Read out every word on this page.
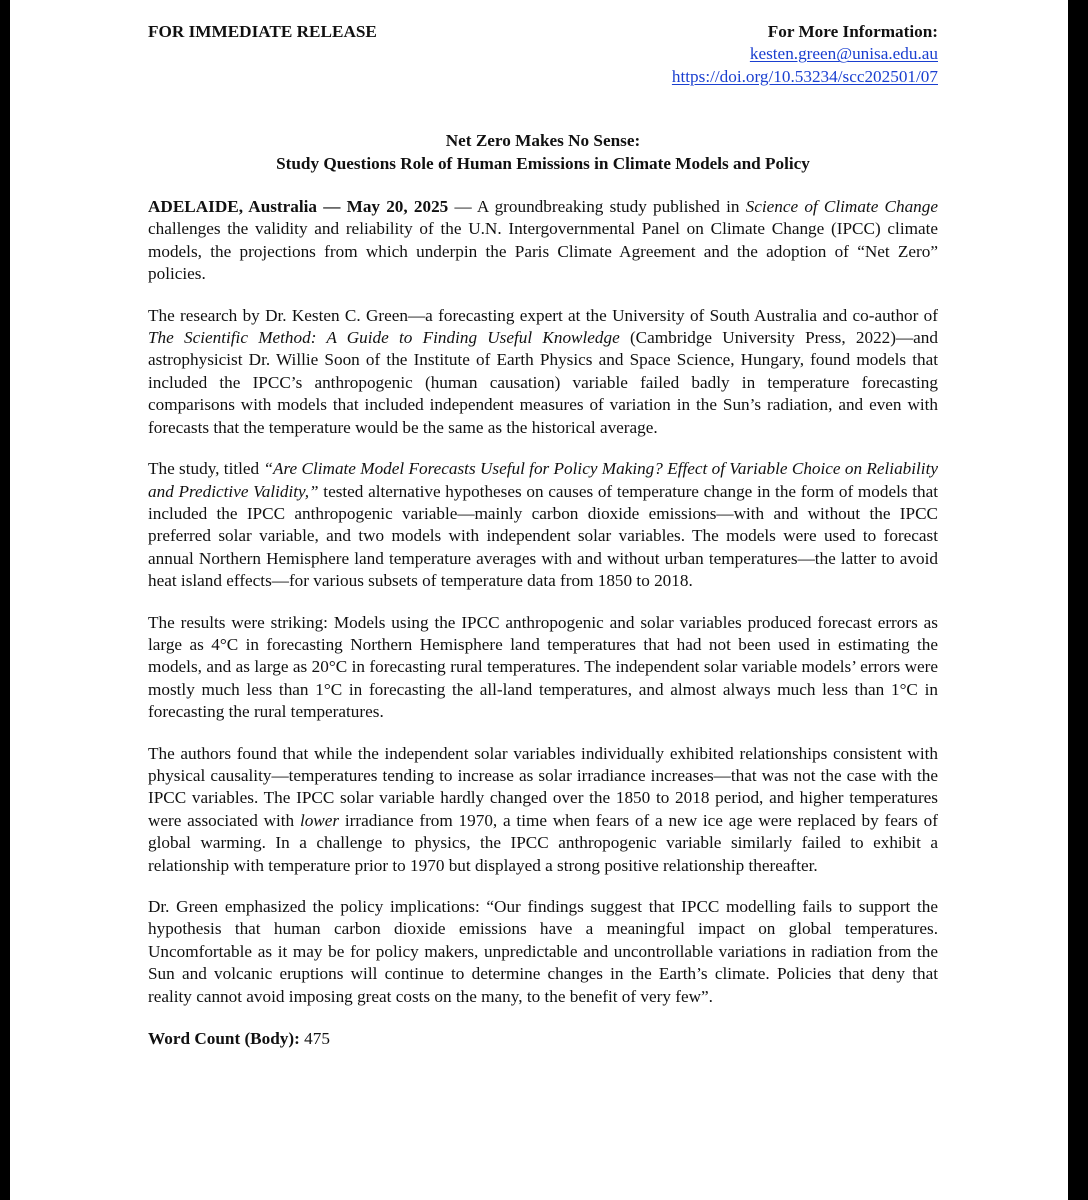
FOR IMMEDIATE RELEASE	For More Information:
kesten.green@unisa.edu.au
https://doi.org/10.53234/scc202501/07
Net Zero Makes No Sense:
Study Questions Role of Human Emissions in Climate Models and Policy

ADELAIDE, Australia — May 20, 2025 — A groundbreaking study published in Science of Climate Change challenges the validity and reliability of the U.N. Intergovernmental Panel on Climate Change (IPCC) climate models, the projections from which underpin the Paris Climate Agreement and the adoption of “Net Zero” policies.

The research by Dr. Kesten C. Green—a forecasting expert at the University of South Australia and co-author of The Scientific Method: A Guide to Finding Useful Knowledge (Cambridge University Press, 2022)—and astrophysicist Dr. Willie Soon of the Institute of Earth Physics and Space Science, Hungary, found models that included the IPCC’s anthropogenic (human causation) variable failed badly in temperature forecasting comparisons with models that included independent measures of variation in the Sun’s radiation, and even with forecasts that the temperature would be the same as the historical average.

The study, titled “Are Climate Model Forecasts Useful for Policy Making? Effect of Variable Choice on Reliability and Predictive Validity,” tested alternative hypotheses on causes of temperature change in the form of models that included the IPCC anthropogenic variable—mainly carbon dioxide emissions—with and without the IPCC preferred solar variable, and two models with independent solar variables. The models were used to forecast annual Northern Hemisphere land temperature averages with and without urban temperatures—the latter to avoid heat island effects—for various subsets of temperature data from 1850 to 2018.

The results were striking: Models using the IPCC anthropogenic and solar variables produced forecast errors as large as 4°C in forecasting Northern Hemisphere land temperatures that had not been used in estimating the models, and as large as 20°C in forecasting rural temperatures. The independent solar variable models’ errors were mostly much less than 1°C in forecasting the all-land temperatures, and almost always much less than 1°C in forecasting the rural temperatures.

The authors found that while the independent solar variables individually exhibited relationships consistent with physical causality—temperatures tending to increase as solar irradiance increases—that was not the case with the IPCC variables. The IPCC solar variable hardly changed over the 1850 to 2018 period, and higher temperatures were associated with lower irradiance from 1970, a time when fears of a new ice age were replaced by fears of global warming. In a challenge to physics, the IPCC anthropogenic variable similarly failed to exhibit a relationship with temperature prior to 1970 but displayed a strong positive relationship thereafter.

Dr. Green emphasized the policy implications: “Our findings suggest that IPCC modelling fails to support the hypothesis that human carbon dioxide emissions have a meaningful impact on global temperatures. Uncomfortable as it may be for policy makers, unpredictable and uncontrollable variations in radiation from the Sun and volcanic eruptions will continue to determine changes in the Earth’s climate. Policies that deny that reality cannot avoid imposing great costs on the many, to the benefit of very few”.

Word Count (Body): 475
